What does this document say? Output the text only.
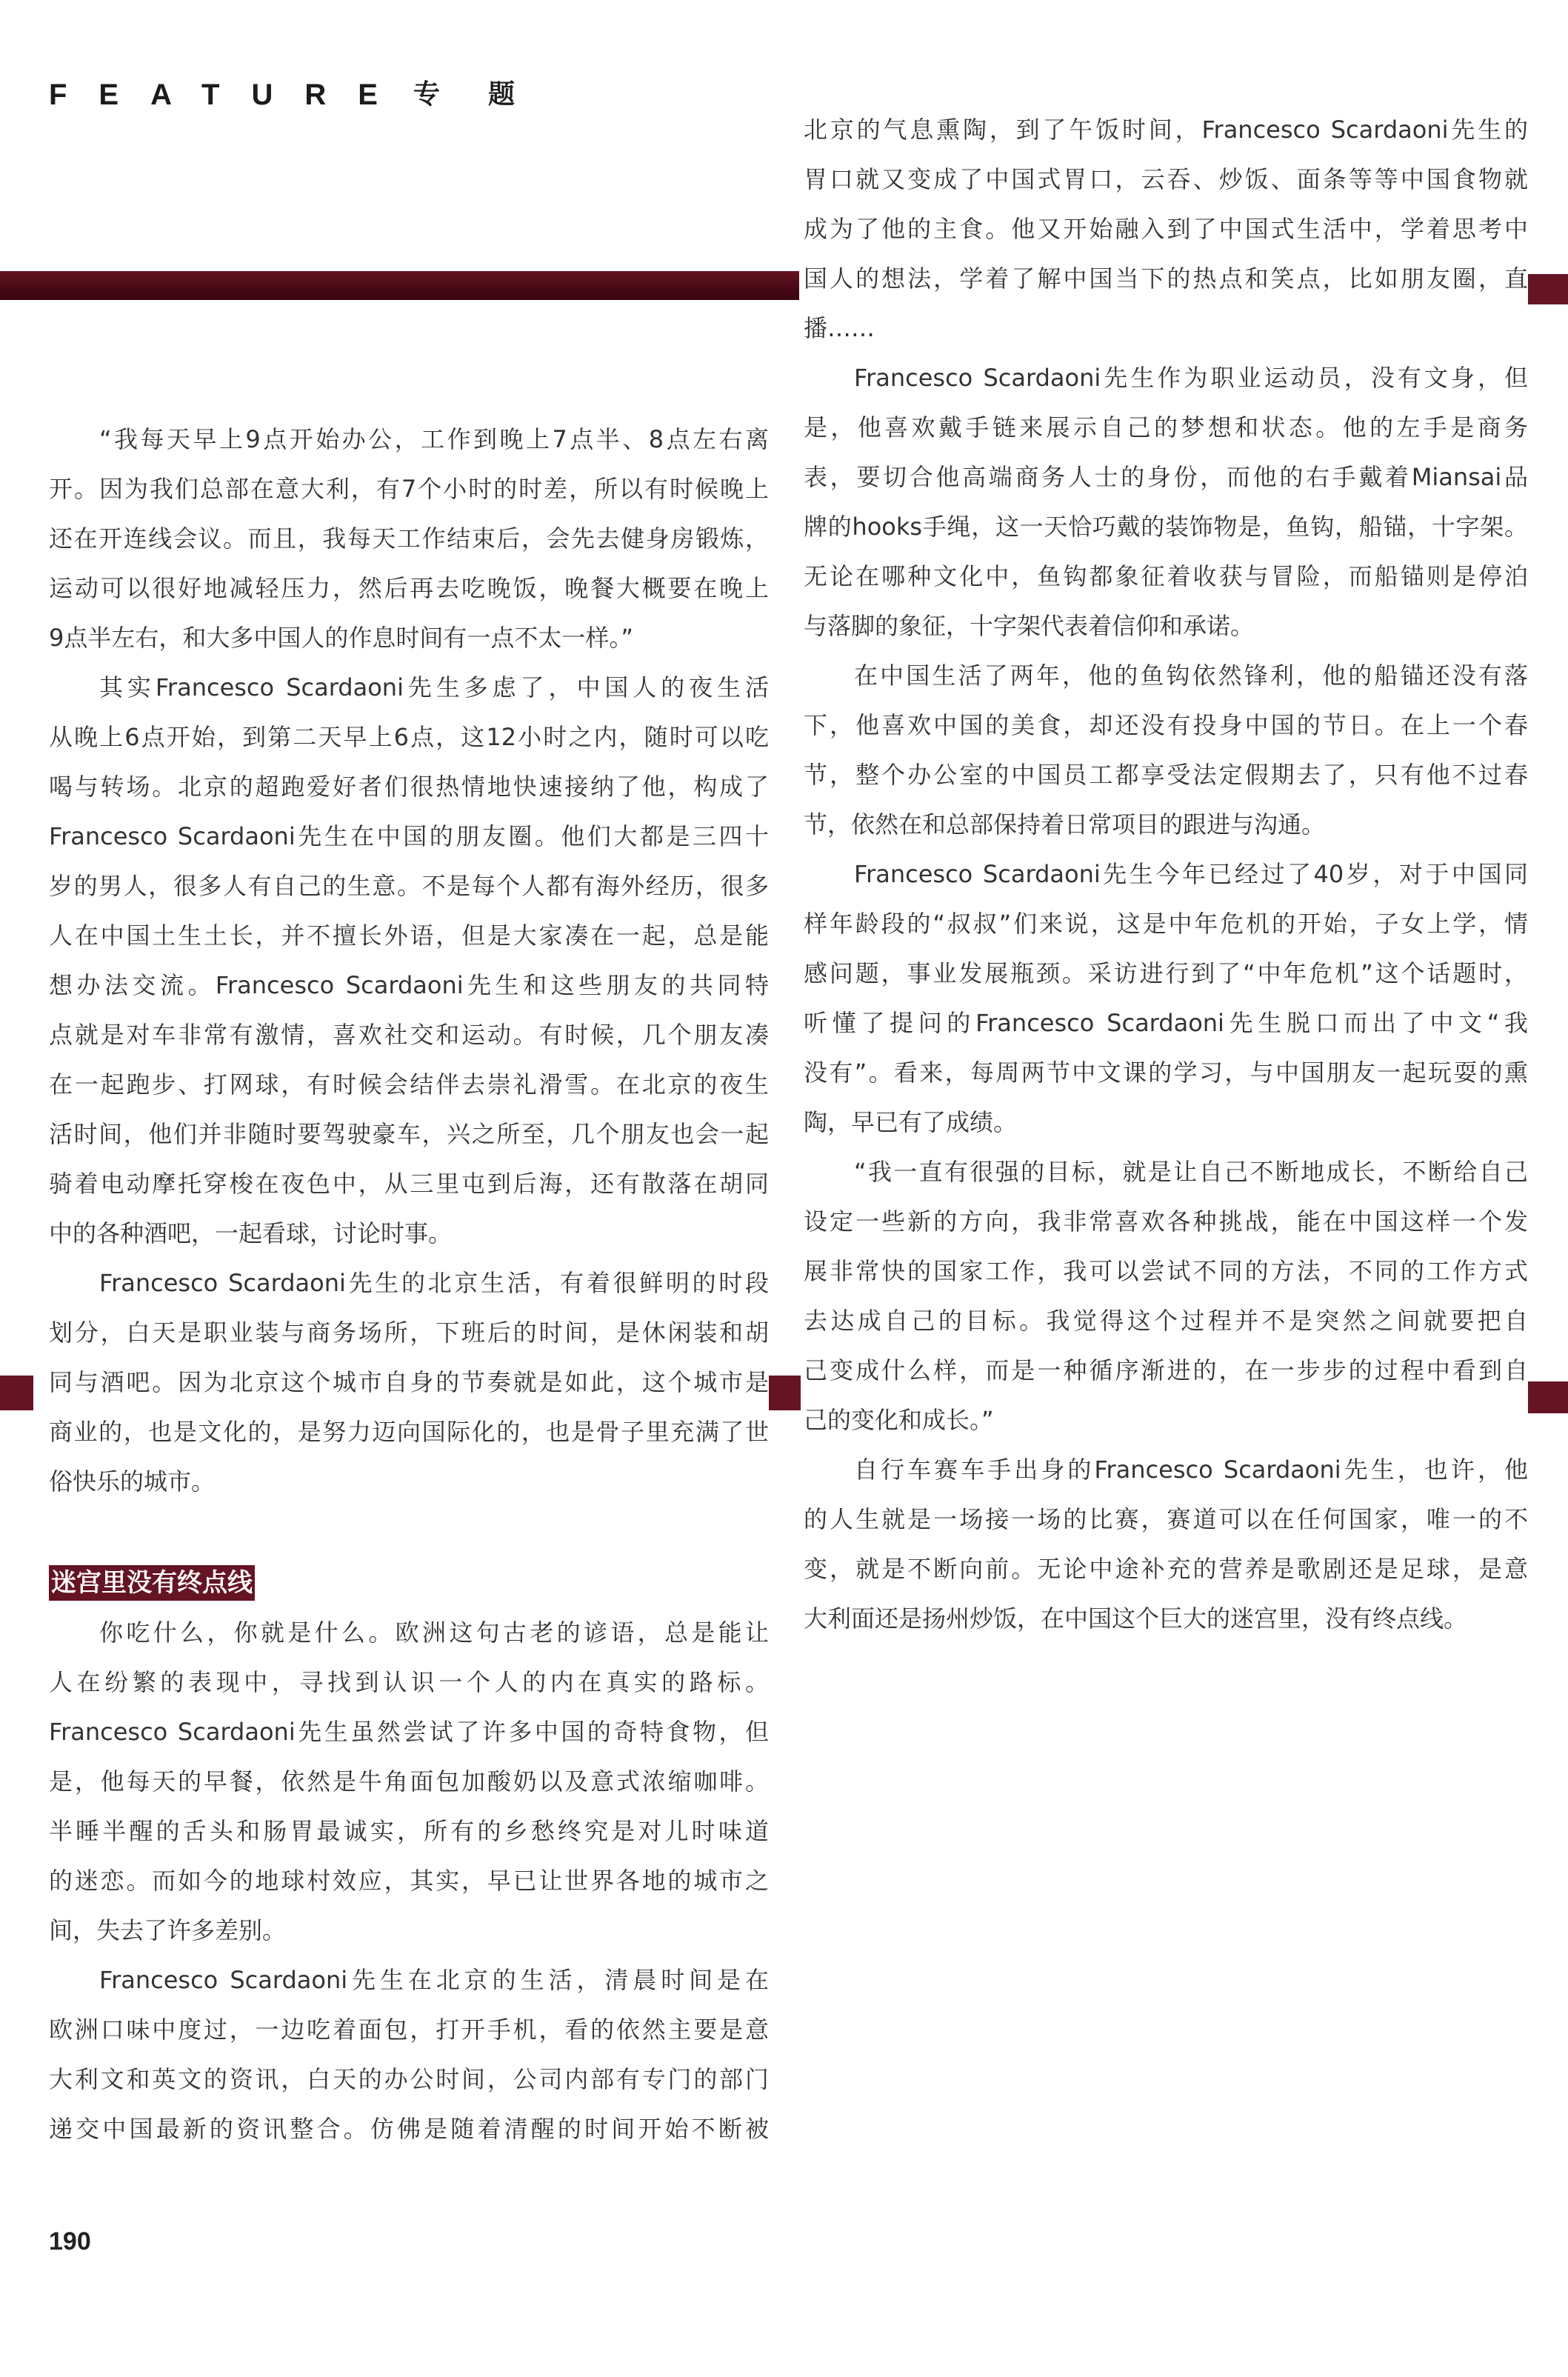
FEATURE 专题
“我每天早上9点开始办公，工作到晚上7点半、8点左右离
开。因为我们总部在意大利，有7个小时的时差，所以有时候晚上
还在开连线会议。而且，我每天工作结束后，会先去健身房锻炼，
运动可以很好地减轻压力，然后再去吃晚饭，晚餐大概要在晚上
9点半左右，和大多中国人的作息时间有一点不太一样。”
其实Francesco Scardaoni先生多虑了，中国人的夜生活
从晚上6点开始，到第二天早上6点，这12小时之内，随时可以吃
喝与转场。北京的超跑爱好者们很热情地快速接纳了他，构成了
Francesco Scardaoni先生在中国的朋友圈。他们大都是三四十
岁的男人，很多人有自己的生意。不是每个人都有海外经历，很多
人在中国土生土长，并不擅长外语，但是大家凑在一起，总是能
想办法交流。Francesco Scardaoni先生和这些朋友的共同特
点就是对车非常有激情，喜欢社交和运动。有时候，几个朋友凑
在一起跑步、打网球，有时候会结伴去崇礼滑雪。在北京的夜生
活时间，他们并非随时要驾驶豪车，兴之所至，几个朋友也会一起
骑着电动摩托穿梭在夜色中，从三里屯到后海，还有散落在胡同
中的各种酒吧，一起看球，讨论时事。
Francesco Scardaoni先生的北京生活，有着很鲜明的时段
划分，白天是职业装与商务场所，下班后的时间，是休闲装和胡
同与酒吧。因为北京这个城市自身的节奏就是如此，这个城市是
商业的，也是文化的，是努力迈向国际化的，也是骨子里充满了世
俗快乐的城市。
迷宫里没有终点线
你吃什么，你就是什么。欧洲这句古老的谚语，总是能让
人在纷繁的表现中，寻找到认识一个人的内在真实的路标。
Francesco Scardaoni先生虽然尝试了许多中国的奇特食物，但
是，他每天的早餐，依然是牛角面包加酸奶以及意式浓缩咖啡。
半睡半醒的舌头和肠胃最诚实，所有的乡愁终究是对儿时味道
的迷恋。而如今的地球村效应，其实，早已让世界各地的城市之
间，失去了许多差别。
Francesco Scardaoni先生在北京的生活，清晨时间是在
欧洲口味中度过，一边吃着面包，打开手机，看的依然主要是意
大利文和英文的资讯，白天的办公时间，公司内部有专门的部门
递交中国最新的资讯整合。仿佛是随着清醒的时间开始不断被
北京的气息熏陶，到了午饭时间，Francesco Scardaoni先生的
胃口就又变成了中国式胃口，云吞、炒饭、面条等等中国食物就
成为了他的主食。他又开始融入到了中国式生活中，学着思考中
国人的想法，学着了解中国当下的热点和笑点，比如朋友圈，直
播……
Francesco Scardaoni先生作为职业运动员，没有文身，但
是，他喜欢戴手链来展示自己的梦想和状态。他的左手是商务
表，要切合他高端商务人士的身份，而他的右手戴着Miansai品
牌的hooks手绳，这一天恰巧戴的装饰物是，鱼钩，船锚，十字架。
无论在哪种文化中，鱼钩都象征着收获与冒险，而船锚则是停泊
与落脚的象征，十字架代表着信仰和承诺。
在中国生活了两年，他的鱼钩依然锋利，他的船锚还没有落
下，他喜欢中国的美食，却还没有投身中国的节日。在上一个春
节，整个办公室的中国员工都享受法定假期去了，只有他不过春
节，依然在和总部保持着日常项目的跟进与沟通。
Francesco Scardaoni先生今年已经过了40岁，对于中国同
样年龄段的“叔叔”们来说，这是中年危机的开始，子女上学，情
感问题，事业发展瓶颈。采访进行到了“中年危机”这个话题时，
听懂了提问的Francesco Scardaoni先生脱口而出了中文“我
没有”。看来，每周两节中文课的学习，与中国朋友一起玩耍的熏
陶，早已有了成绩。
“我一直有很强的目标，就是让自己不断地成长，不断给自己
设定一些新的方向，我非常喜欢各种挑战，能在中国这样一个发
展非常快的国家工作，我可以尝试不同的方法，不同的工作方式
去达成自己的目标。我觉得这个过程并不是突然之间就要把自
己变成什么样，而是一种循序渐进的，在一步步的过程中看到自
己的变化和成长。”
自行车赛车手出身的Francesco Scardaoni先生，也许，他
的人生就是一场接一场的比赛，赛道可以在任何国家，唯一的不
变，就是不断向前。无论中途补充的营养是歌剧还是足球，是意
大利面还是扬州炒饭，在中国这个巨大的迷宫里，没有终点线。
190
